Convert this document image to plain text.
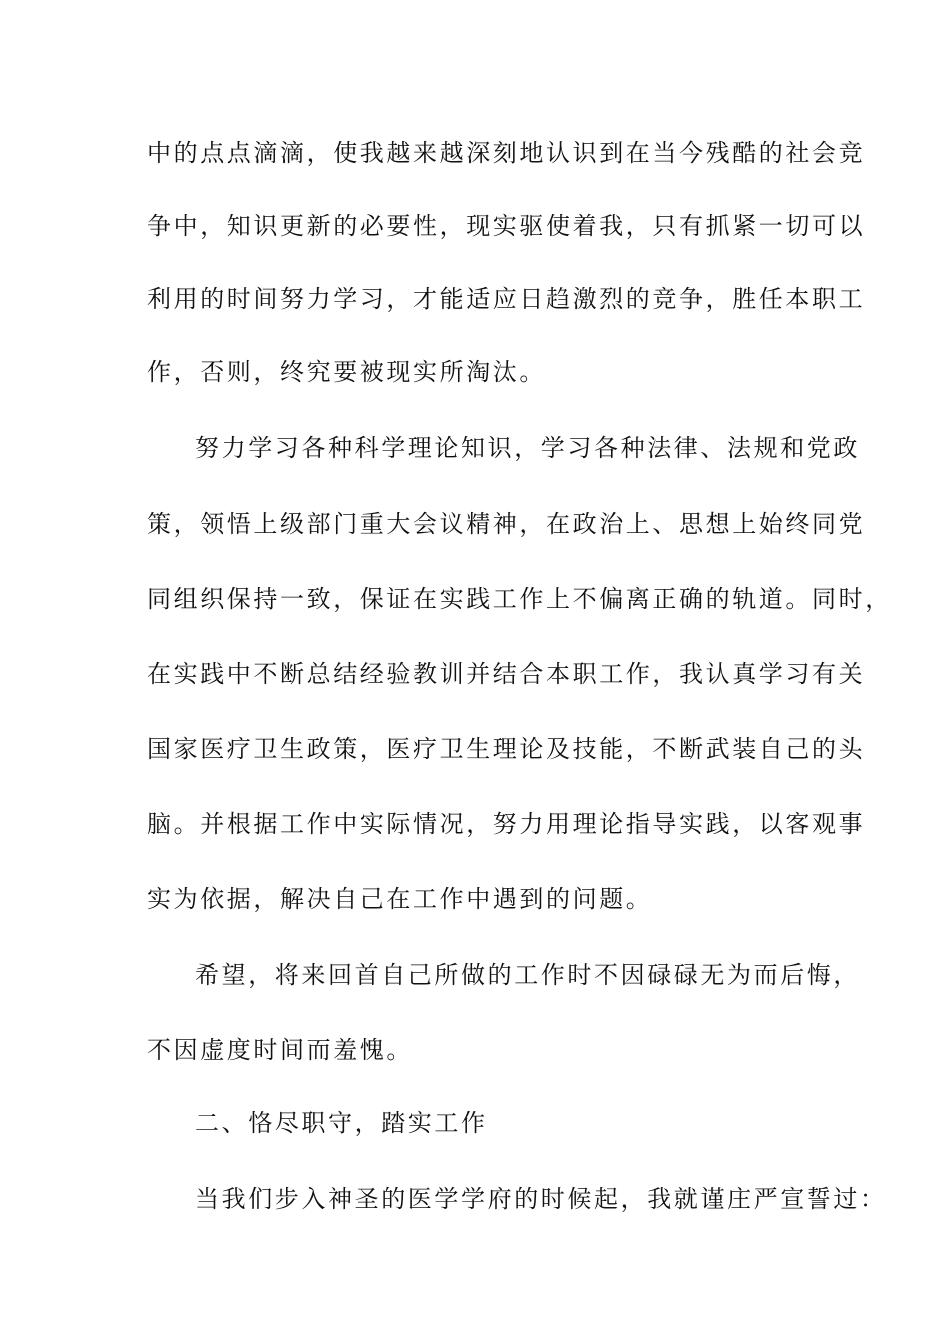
中的点点滴滴，使我越来越深刻地认识到在当今残酷的社会竞
争中，知识更新的必要性，现实驱使着我，只有抓紧一切可以
利用的时间努力学习，才能适应日趋激烈的竞争，胜任本职工
作，否则，终究要被现实所淘汰。
努力学习各种科学理论知识，学习各种法律、法规和党政
策，领悟上级部门重大会议精神，在政治上、思想上始终同党
同组织保持一致，保证在实践工作上不偏离正确的轨道。同时，
在实践中不断总结经验教训并结合本职工作，我认真学习有关
国家医疗卫生政策，医疗卫生理论及技能，不断武装自己的头
脑。并根据工作中实际情况，努力用理论指导实践，以客观事
实为依据，解决自己在工作中遇到的问题。
希望，将来回首自己所做的工作时不因碌碌无为而后悔，
不因虚度时间而羞愧。
二、恪尽职守，踏实工作
当我们步入神圣的医学学府的时候起，我就谨庄严宣誓过：
